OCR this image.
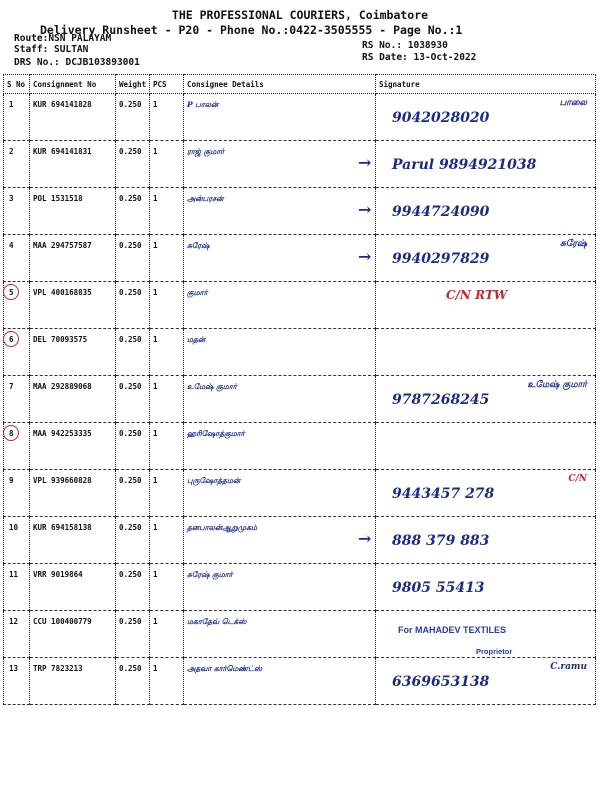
THE PROFESSIONAL COURIERS, Coimbatore
Delivery Runsheet - P20 - Phone No.:0422-3505555 - Page No.:1
Route:NSN PALAYAM
Staff: SULTAN
DRS No.: DCJB103893001
RS No.: 1038930
RS Date: 13-Oct-2022
S No	Consignment No	Weight	PCS	Consignee Details	Signature
1	KUR 694141828	0.250	1	P பாலன்	9042028020
பாலை

2	KUR 694141831	0.250	1	ராஜ் குமார்	→ Parul 9894921038

3	POL 1531518	0.250	1	அன்பரசன்	→ 9944724090

4	MAA 294757587	0.250	1	சுரேஷ்	→ 9940297829
சுரேஷ்

5	VPL 400168835	0.250	1	குமார்	C/N RTW

6	DEL 70093575	0.250	1	மதன்	

7	MAA 292889068	0.250	1	உமேஷ் குமார்	9787268245
உமேஷ் குமார்

8	MAA 942253335	0.250	1	ஹரிஷோத்குமார்	

9	VPL 939660828	0.250	1	புருஷோத்தமன்	9443457 278
C/N

10	KUR 694158138	0.250	1	தனபாலன்ஆறுமுகம்	→ 888 379 883

11	VRR 9019864	0.250	1	சுரேஷ் குமார்	9805 55413

12	CCU 100400779	0.250	1	மகாதேவ் டெக்ஸ்	For MAHADEV TEXTILES
Proprietor

13	TRP 7823213	0.250	1	அதவா கார்மெண்ட்ஸ்	6369653138
C.ramu
